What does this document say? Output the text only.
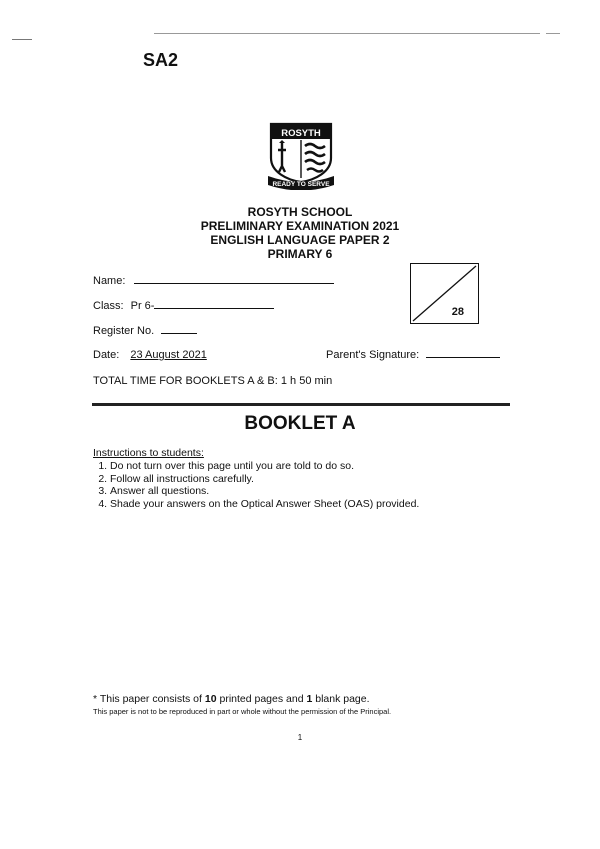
SA2
ROSYTH
READY TO SERVE
ROSYTH SCHOOL
PRELIMINARY EXAMINATION 2021
ENGLISH LANGUAGE PAPER 2
PRIMARY 6
Name:
Class: Pr 6-
Register No.
28
Date: 23 August 2021	Parent's Signature:
TOTAL TIME FOR BOOKLETS A & B: 1 h 50 min
BOOKLET A
Instructions to students:
1. Do not turn over this page until you are told to do so.
2. Follow all instructions carefully.
3. Answer all questions.
4. Shade your answers on the Optical Answer Sheet (OAS) provided.
* This paper consists of 10 printed pages and 1 blank page.
This paper is not to be reproduced in part or whole without the permission of the Principal.
1
